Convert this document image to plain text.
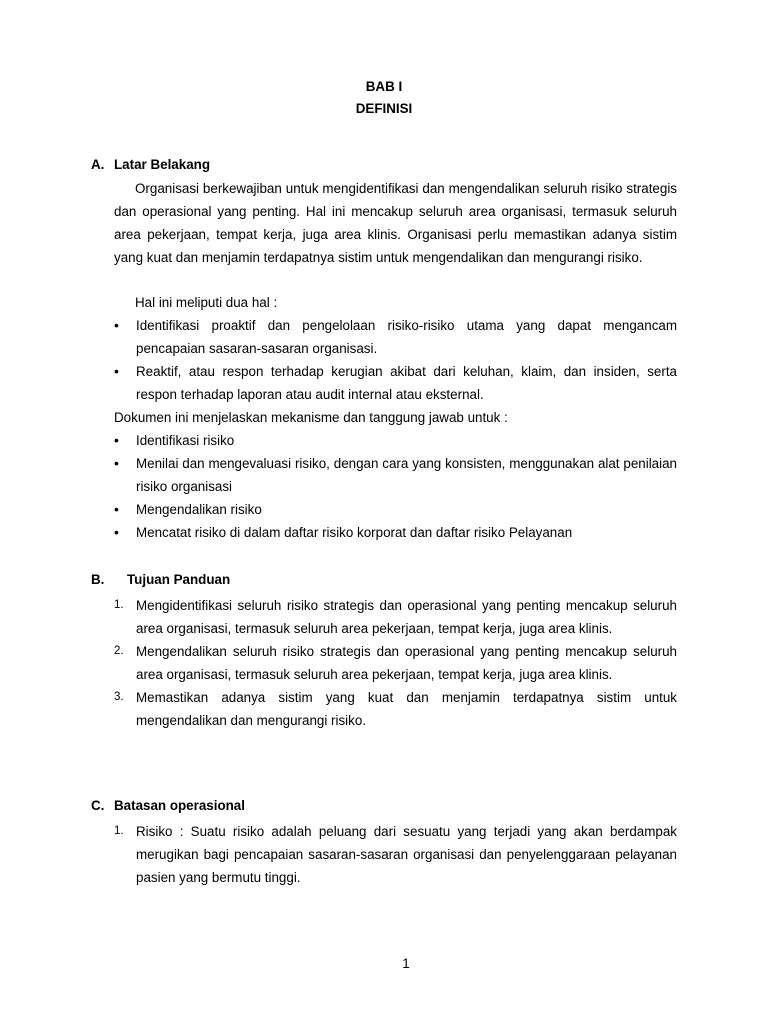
BAB I
DEFINISI
A. Latar Belakang

Organisasi berkewajiban untuk mengidentifikasi dan mengendalikan seluruh risiko strategis dan operasional yang penting. Hal ini mencakup seluruh area organisasi, termasuk seluruh area pekerjaan, tempat kerja, juga area klinis. Organisasi perlu memastikan adanya sistim yang kuat dan menjamin terdapatnya sistim untuk mengendalikan dan mengurangi risiko.

Hal ini meliputi dua hal :

• Identifikasi proaktif dan pengelolaan risiko-risiko utama yang dapat mengancam pencapaian sasaran-sasaran organisasi.
• Reaktif, atau respon terhadap kerugian akibat dari keluhan, klaim, dan insiden, serta respon terhadap laporan atau audit internal atau eksternal.

Dokumen ini menjelaskan mekanisme dan tanggung jawab untuk :

• Identifikasi risiko
• Menilai dan mengevaluasi risiko, dengan cara yang konsisten, menggunakan alat penilaian risiko organisasi
• Mengendalikan risiko
• Mencatat risiko di dalam daftar risiko korporat dan daftar risiko Pelayanan
B. Tujuan Panduan
1. Mengidentifikasi seluruh risiko strategis dan operasional yang penting mencakup seluruh area organisasi, termasuk seluruh area pekerjaan, tempat kerja, juga area klinis.
2. Mengendalikan seluruh risiko strategis dan operasional yang penting mencakup seluruh area organisasi, termasuk seluruh area pekerjaan, tempat kerja, juga area klinis.
3. Memastikan adanya sistim yang kuat dan menjamin terdapatnya sistim untuk mengendalikan dan mengurangi risiko.
C. Batasan operasional
1. Risiko : Suatu risiko adalah peluang dari sesuatu yang terjadi yang akan berdampak merugikan bagi pencapaian sasaran-sasaran organisasi dan penyelenggaraan pelayanan pasien yang bermutu tinggi.
1
